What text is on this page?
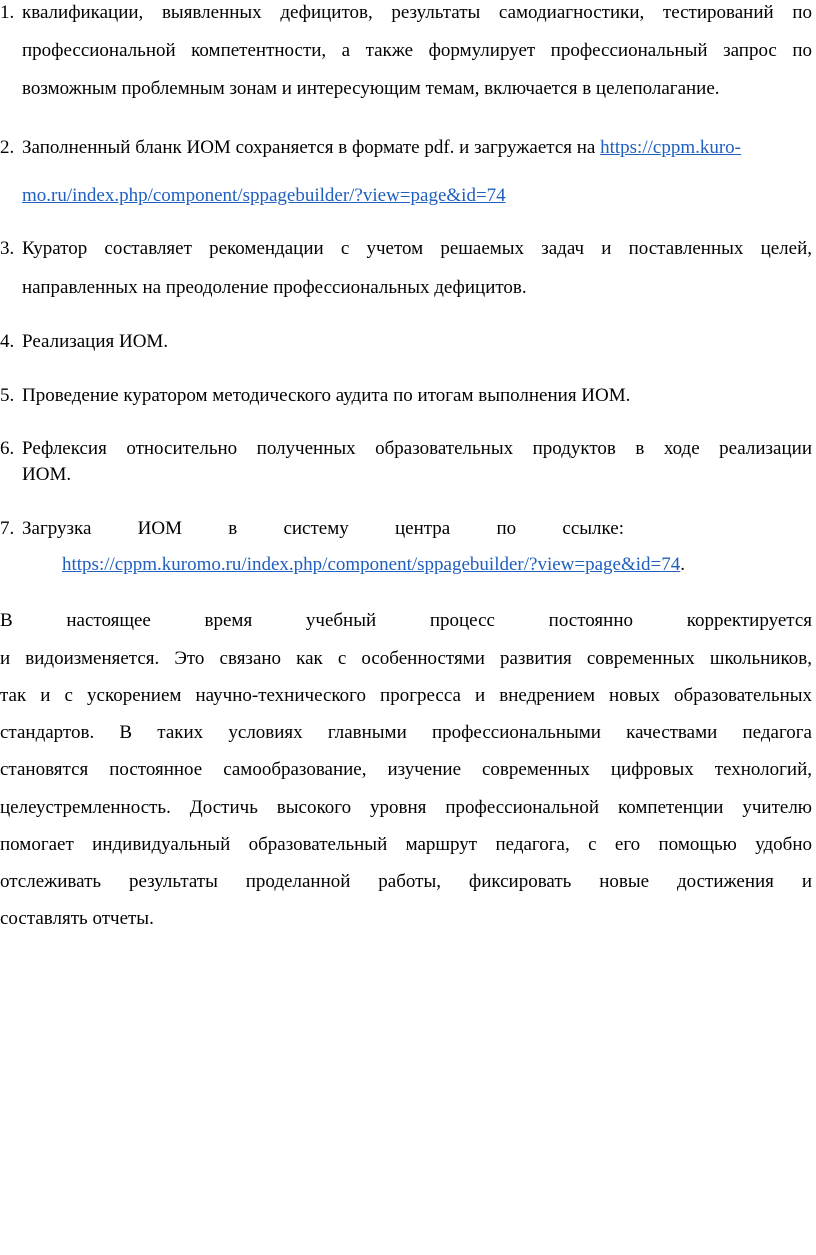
1. квалификации, выявленных дефицитов, результаты самодиагностики, тестирований по
профессиональной компетентности, а также формулирует профессиональный запрос по
возможным проблемным зонам и интересующим темам, включается в целеполагание.
2. Заполненный бланк ИОМ сохраняется в формате pdf. и загружается на https://cppm.kuro-
mo.ru/index.php/component/sppagebuilder/?view=page&id=74
3. Куратор составляет рекомендации с учетом решаемых задач и поставленных целей,
направленных на преодоление профессиональных дефицитов.
4. Реализация ИОМ.
5. Проведение куратором методического аудита по итогам выполнения ИОМ.
6. Рефлексия относительно полученных образовательных продуктов в ходе реализации
ИОМ.
7. Загрузка ИОМ в систему центра по ссылке:
https://cppm.kuromo.ru/index.php/component/sppagebuilder/?view=page&id=74.
В настоящее время учебный процесс постоянно корректируется
и видоизменяется. Это связано как с особенностями развития современных школьников,
так и с ускорением научно-технического прогресса и внедрением новых образовательных
стандартов. В таких условиях главными профессиональными качествами педагога
становятся постоянное самообразование, изучение современных цифровых технологий,
целеустремленность. Достичь высокого уровня профессиональной компетенции учителю
помогает индивидуальный образовательный маршрут педагога, с его помощью удобно
отслеживать результаты проделанной работы, фиксировать новые достижения и
составлять отчеты.
